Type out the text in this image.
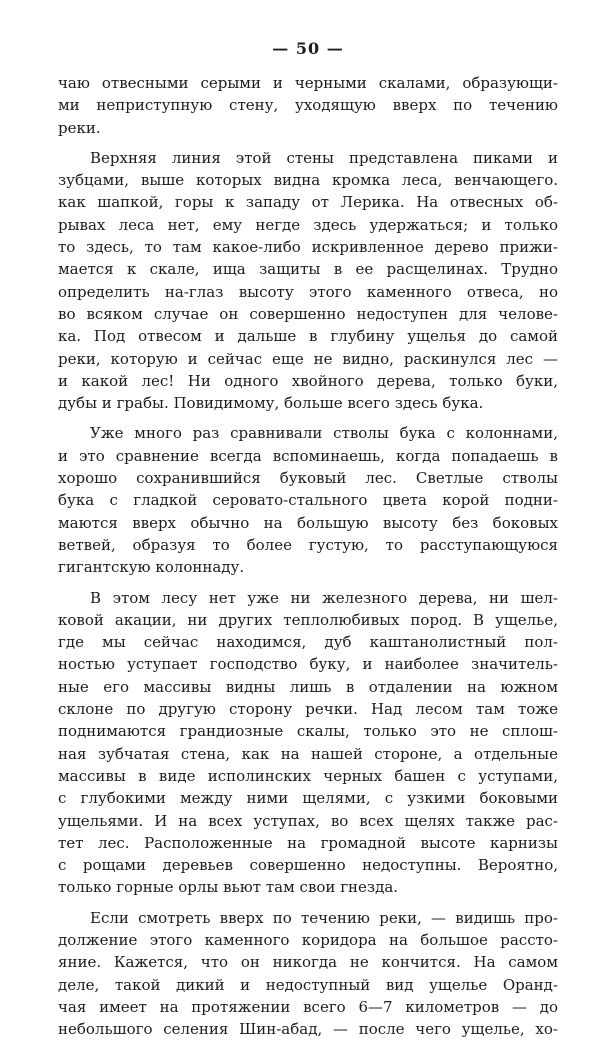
— 50 —
чаю отвесными серыми и черными скалами, образующи-
ми неприступную стену, уходящую вверх по течению
реки.
Верхняя линия этой стены представлена пиками и
зубцами, выше которых видна кромка леса, венчающего.
как шапкой, горы к западу от Лерика. На отвесных об-
рывах леса нет, ему негде здесь удержаться; и только
то здесь, то там какое-либо искривленное дерево прижи-
мается к скале, ища защиты в ее расщелинах. Трудно
определить на-глаз высоту этого каменного отвеса, но
во всяком случае он совершенно недоступен для челове-
ка. Под отвесом и дальше в глубину ущелья до самой
реки, которую и сейчас еще не видно, раскинулся лес —
и какой лес! Ни одного хвойного дерева, только буки,
дубы и грабы. Повидимому, больше всего здесь бука.
Уже много раз сравнивали стволы бука с колоннами,
и это сравнение всегда вспоминаешь, когда попадаешь в
хорошо сохранившийся буковый лес. Светлые стволы
бука с гладкой серовато-стального цвета корой подни-
маются вверх обычно на большую высоту без боковых
ветвей, образуя то более густую, то расступающуюся
гигантскую колоннаду.
В этом лесу нет уже ни железного дерева, ни шел-
ковой акации, ни других теплолюбивых пород. В ущелье,
где мы сейчас находимся, дуб каштанолистный пол-
ностью уступает господство буку, и наиболее значитель-
ные его массивы видны лишь в отдалении на южном
склоне по другую сторону речки. Над лесом там тоже
поднимаются грандиозные скалы, только это не сплош-
ная зубчатая стена, как на нашей стороне, а отдельные
массивы в виде исполинских черных башен с уступами,
с глубокими между ними щелями, с узкими боковыми
ущельями. И на всех уступах, во всех щелях также рас-
тет лес. Расположенные на громадной высоте карнизы
с рощами деревьев совершенно недоступны. Вероятно,
только горные орлы вьют там свои гнезда.
Если смотреть вверх по течению реки, — видишь про-
должение этого каменного коридора на большое рассто-
яние. Кажется, что он никогда не кончится. На самом
деле, такой дикий и недоступный вид ущелье Оранд-
чая имеет на протяжении всего 6—7 километров — до
небольшого селения Шин-абад, — после чего ущелье, хо-
